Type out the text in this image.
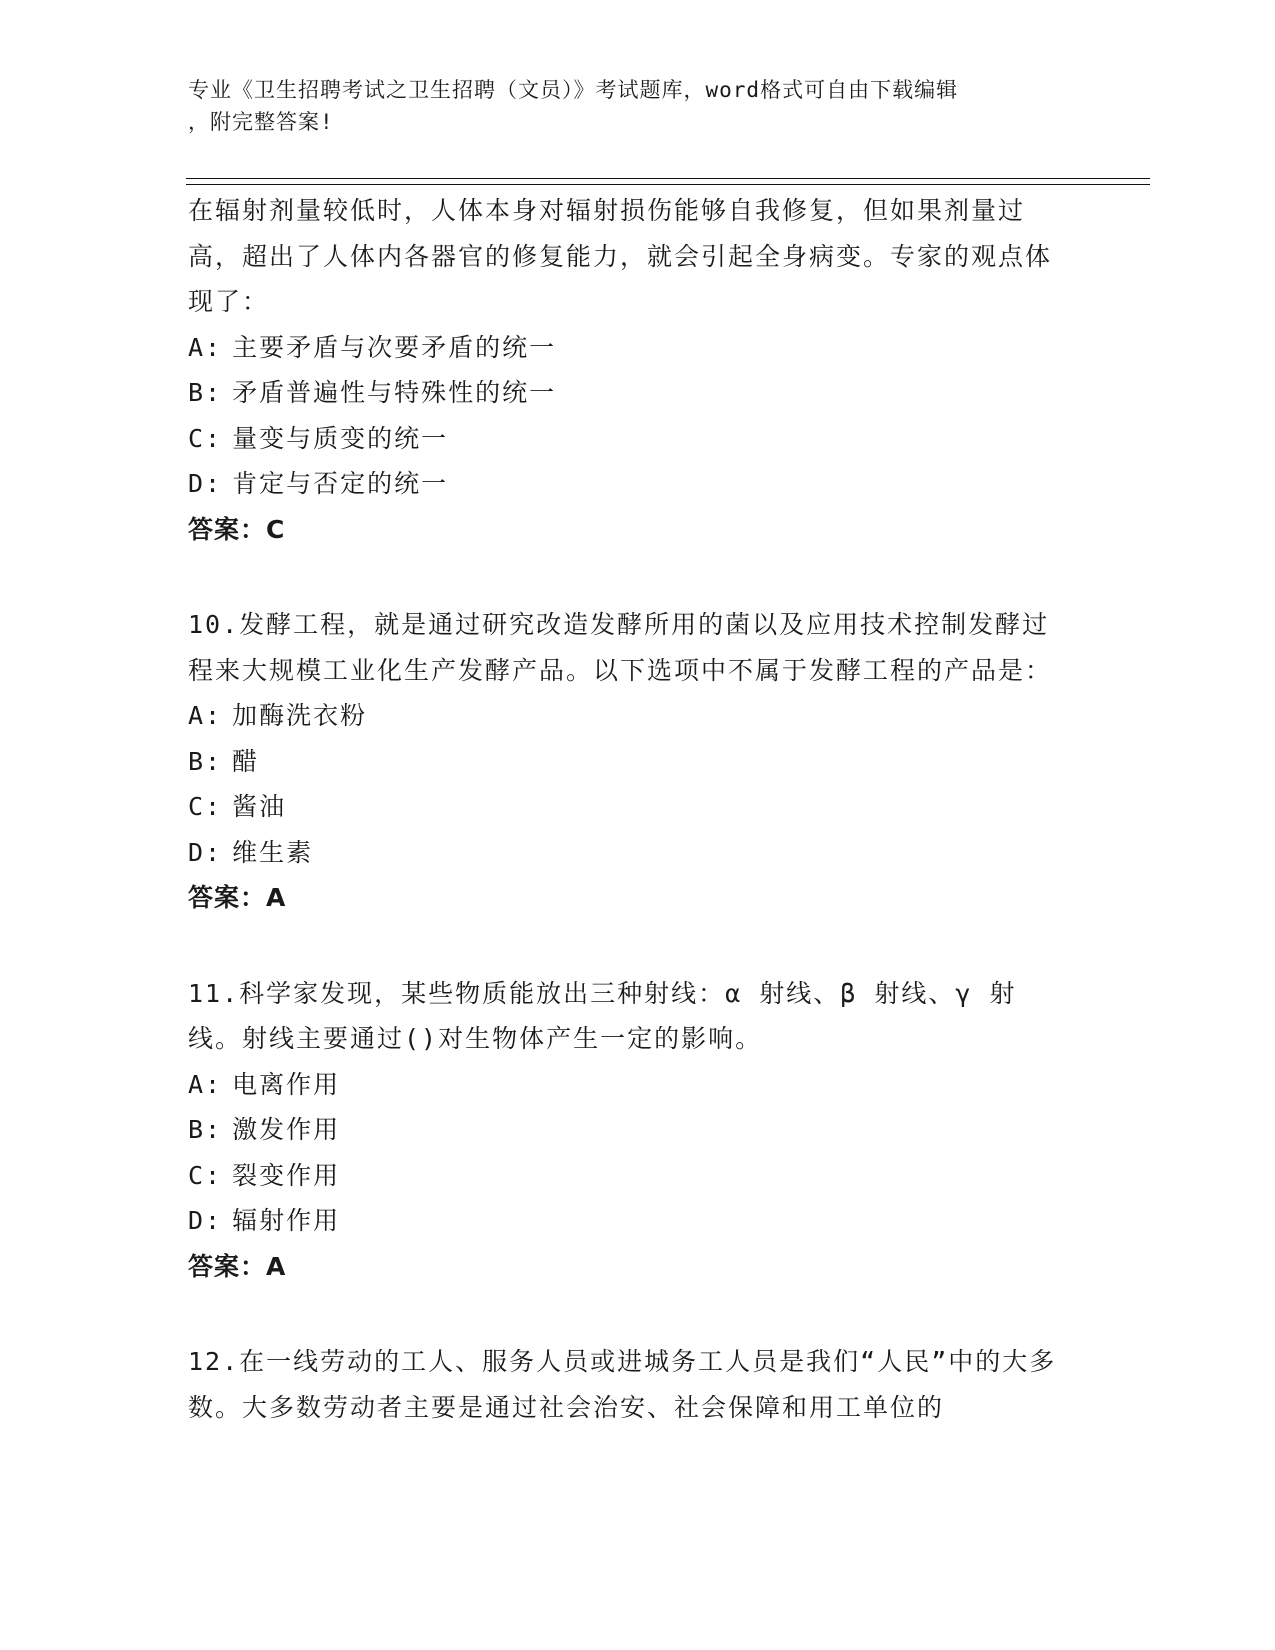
专业《卫生招聘考试之卫生招聘（文员）》考试题库，word格式可自由下载编辑
，附完整答案!

在辐射剂量较低时，人体本身对辐射损伤能够自我修复，但如果剂量过高，超出了人体内各器官的修复能力，就会引起全身病变。专家的观点体现了：

A: 主要矛盾与次要矛盾的统一

B: 矛盾普遍性与特殊性的统一

C: 量变与质变的统一

D: 肯定与否定的统一

答案：C

10.发酵工程，就是通过研究改造发酵所用的菌以及应用技术控制发酵过程来大规模工业化生产发酵产品。以下选项中不属于发酵工程的产品是：

A: 加酶洗衣粉

B: 醋

C: 酱油

D: 维生素

答案：A

11.科学家发现，某些物质能放出三种射线：α 射线、β 射线、γ 射线。射线主要通过()对生物体产生一定的影响。

A: 电离作用

B: 激发作用

C: 裂变作用

D: 辐射作用

答案：A

12.在一线劳动的工人、服务人员或进城务工人员是我们“人民”中的大多数。大多数劳动者主要是通过社会治安、社会保障和用工单位的
